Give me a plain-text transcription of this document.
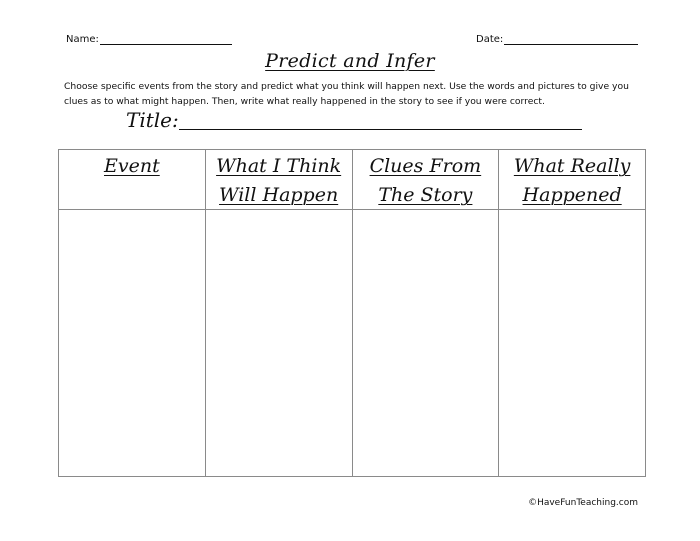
Name:	Date:
Predict and Infer
Choose specific events from the story and predict what you think will happen next. Use the words and pictures to give you clues as to what might happen. Then, write what really happened in the story to see if you were correct.
Title:
Event	What I Think
Will Happen
Clues From
The Story
What Really
Happened
©HaveFunTeaching.com
